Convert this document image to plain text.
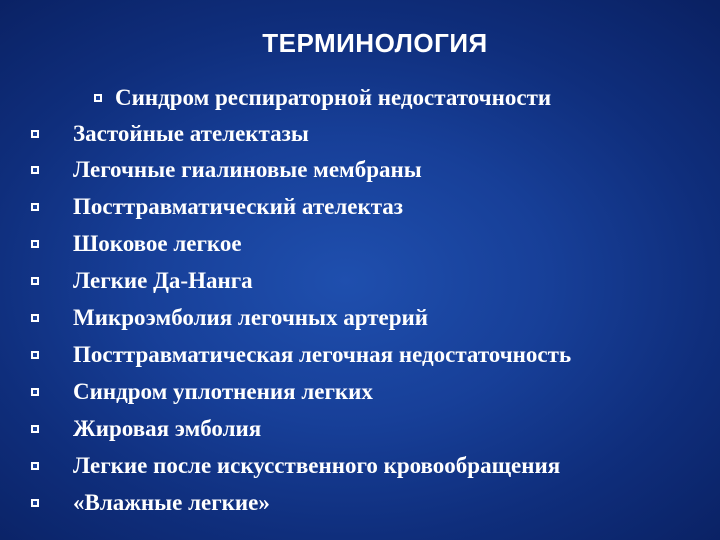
ТЕРМИНОЛОГИЯ
Синдром респираторной недостаточности
Застойные ателектазы
Легочные гиалиновые мембраны
Посттравматический ателектаз
Шоковое легкое
Легкие Да-Нанга
Микроэмболия легочных артерий
Посттравматическая легочная недостаточность
Синдром уплотнения легких
Жировая эмболия
Легкие после искусственного кровообращения
«Влажные легкие»
